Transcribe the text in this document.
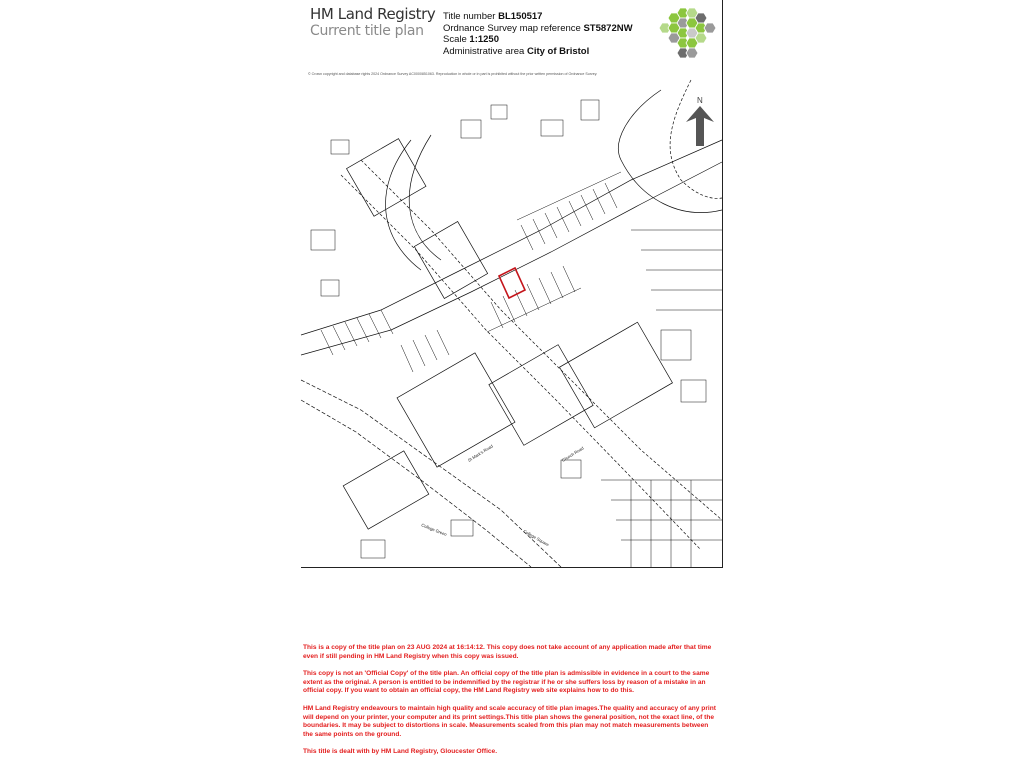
HM Land Registry
Current title plan
Title number BL150517
Ordnance Survey map reference ST5872NW
Scale 1:1250
Administrative area City of Bristol
© Crown copyright and database rights 2024 Ordnance Survey AC0000851063. Reproduction in whole or in part is prohibited without the prior written permission of Ordnance Survey.
St Mark's Road	Church Road
College Green	College Square
N

This is a copy of the title plan on 23 AUG 2024 at 16:14:12. This copy does not take account of any application made after that time even if still pending in HM Land Registry when this copy was issued.

This copy is not an 'Official Copy' of the title plan. An official copy of the title plan is admissible in evidence in a court to the same extent as the original. A person is entitled to be indemnified by the registrar if he or she suffers loss by reason of a mistake in an official copy. If you want to obtain an official copy, the HM Land Registry web site explains how to do this.

HM Land Registry endeavours to maintain high quality and scale accuracy of title plan images.The quality and accuracy of any print will depend on your printer, your computer and its print settings.This title plan shows the general position, not the exact line, of the boundaries. It may be subject to distortions in scale. Measurements scaled from this plan may not match measurements between the same points on the ground.

This title is dealt with by HM Land Registry, Gloucester Office.
